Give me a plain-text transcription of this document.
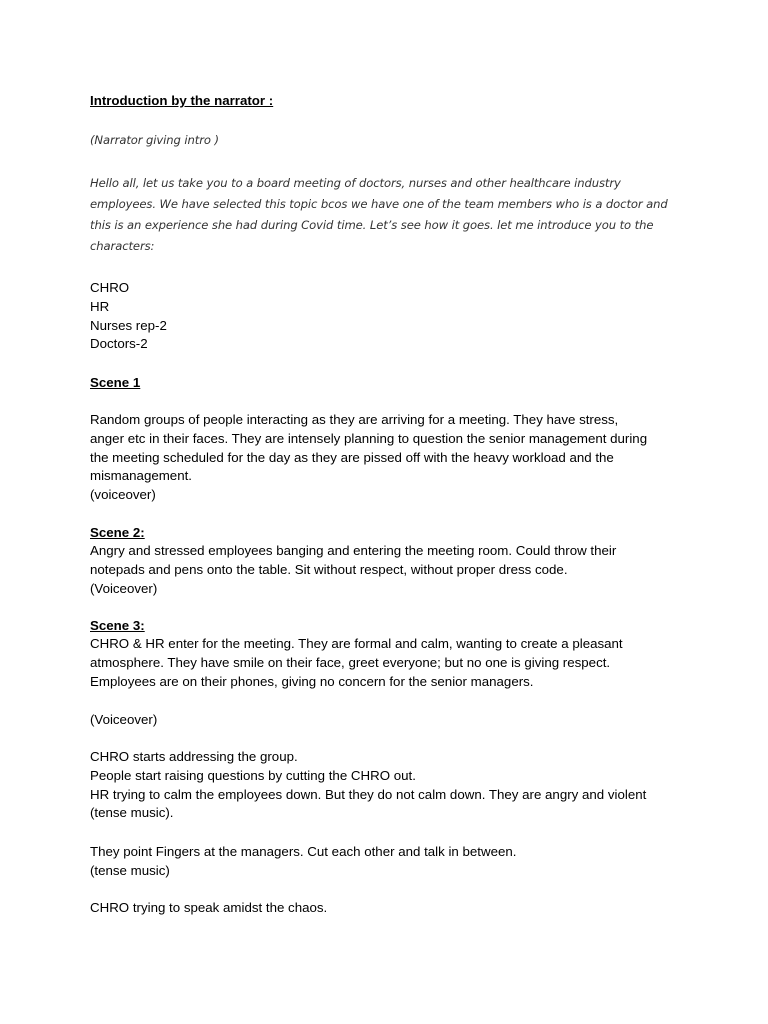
Introduction by the narrator :
(Narrator giving intro )
Hello all, let us take you to a board meeting of doctors, nurses and other healthcare industry
employees. We have selected this topic bcos we have one of the team members who is a doctor and
this is an experience she had during Covid time. Let’s see how it goes. let me introduce you to the
characters:
CHRO
HR
Nurses rep-2
Doctors-2
Scene 1
Random groups of people interacting as they are arriving for a meeting. They have stress,
anger etc in their faces. They are intensely planning to question the senior management during
the meeting scheduled for the day as they are pissed off with the heavy workload and the
mismanagement.
(voiceover)
Scene 2:
Angry and stressed employees banging and entering the meeting room. Could throw their
notepads and pens onto the table. Sit without respect, without proper dress code.
(Voiceover)
Scene 3:
CHRO & HR enter for the meeting. They are formal and calm, wanting to create a pleasant
atmosphere. They have smile on their face, greet everyone; but no one is giving respect.
Employees are on their phones, giving no concern for the senior managers.
(Voiceover)
CHRO starts addressing the group.
People start raising questions by cutting the CHRO out.
HR trying to calm the employees down. But they do not calm down. They are angry and violent
(tense music).
They point Fingers at the managers. Cut each other and talk in between.
(tense music)
CHRO trying to speak amidst the chaos.
